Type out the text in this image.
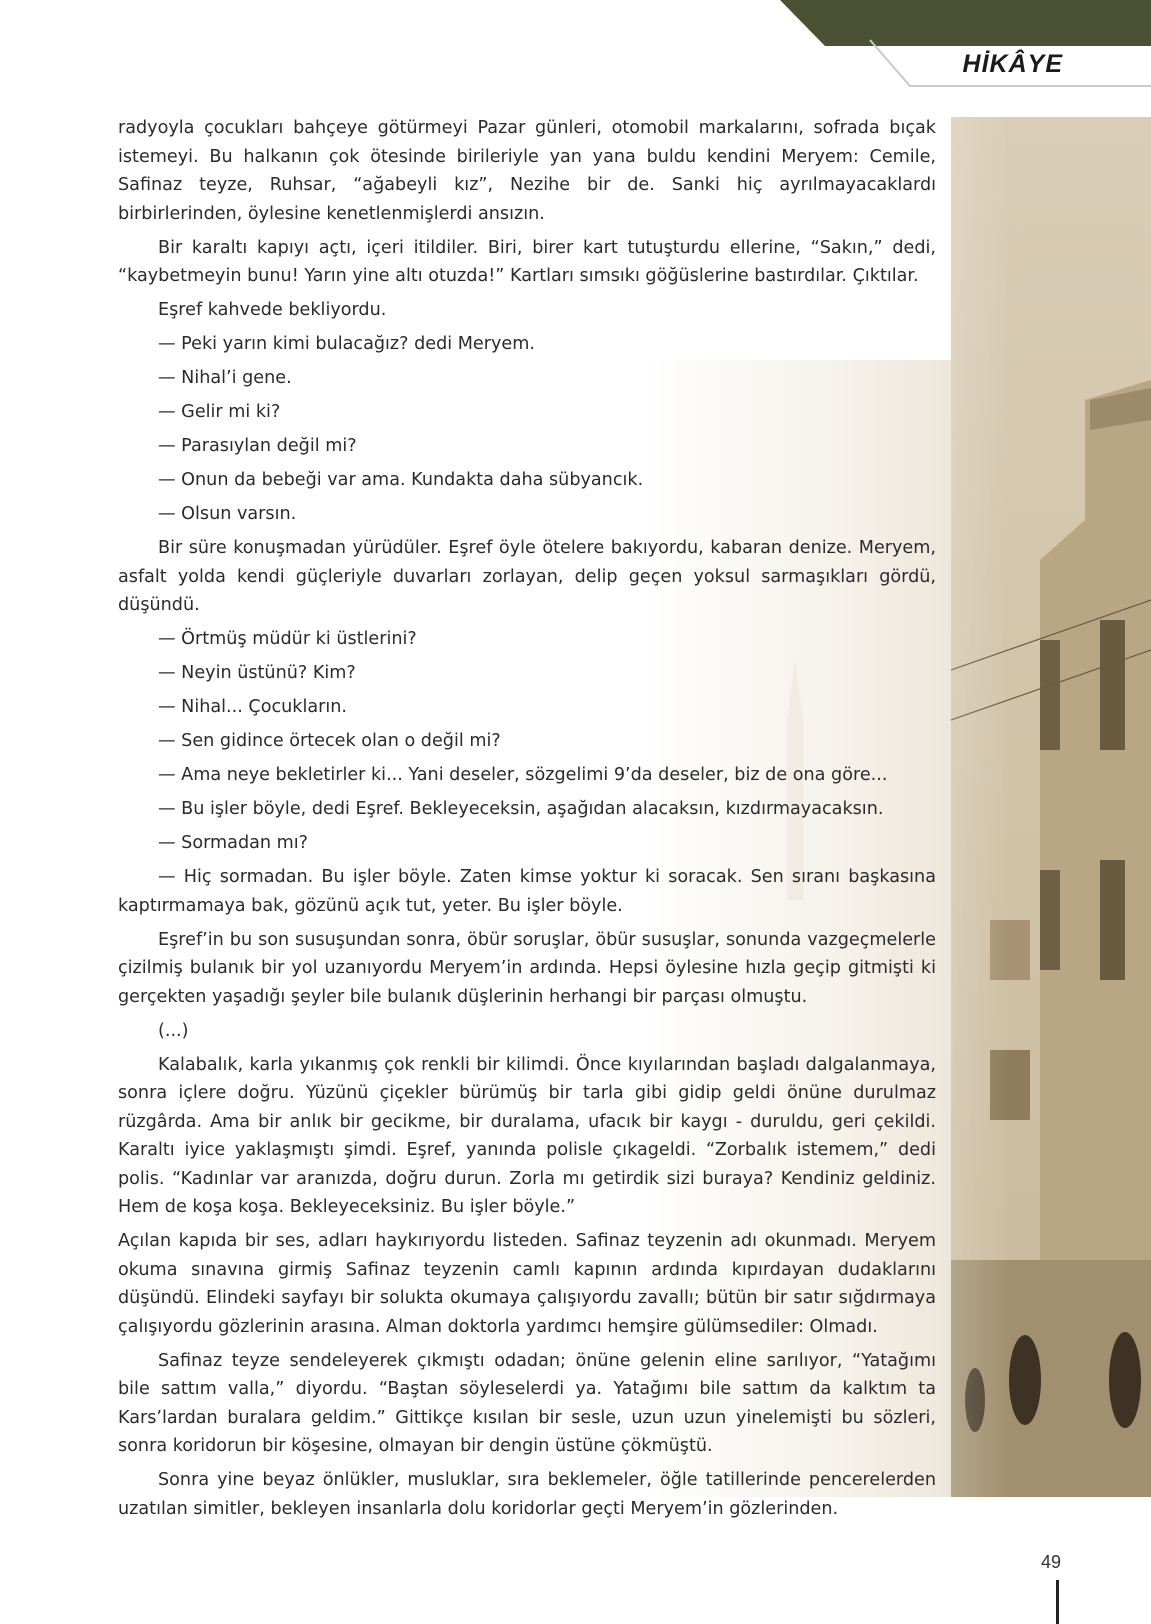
HİKÂYE

radyoyla çocukları bahçeye götürmeyi Pazar günleri, otomobil markalarını, sofrada bıçak istemeyi. Bu halkanın çok ötesinde birileriyle yan yana buldu kendini Meryem: Cemile, Safinaz teyze, Ruhsar, “ağabeyli kız”, Nezihe bir de. Sanki hiç ayrılmayacaklardı birbirlerinden, öylesine kenetlenmişlerdi ansızın.

Bir karaltı kapıyı açtı, içeri itildiler. Biri, birer kart tutuşturdu ellerine, “Sakın,” dedi, “kaybetmeyin bunu! Yarın yine altı otuzda!” Kartları sımsıkı göğüslerine bastırdılar. Çıktılar.

Eşref kahvede bekliyordu.

— Peki yarın kimi bulacağız? dedi Meryem.

— Nihal’i gene.

— Gelir mi ki?

— Parasıylan değil mi?

— Onun da bebeği var ama. Kundakta daha sübyancık.

— Olsun varsın.

Bir süre konuşmadan yürüdüler. Eşref öyle ötelere bakıyordu, kabaran denize. Meryem, asfalt yolda kendi güçleriyle duvarları zorlayan, delip geçen yoksul sarmaşıkları gördü, düşündü.

— Örtmüş müdür ki üstlerini?

— Neyin üstünü? Kim?

— Nihal... Çocukların.

— Sen gidince örtecek olan o değil mi?

— Ama neye bekletirler ki... Yani deseler, sözgelimi 9’da deseler, biz de ona göre...

— Bu işler böyle, dedi Eşref. Bekleyeceksin, aşağıdan alacaksın, kızdırmayacaksın.

— Sormadan mı?

— Hiç sormadan. Bu işler böyle. Zaten kimse yoktur ki soracak. Sen sıranı başkasına kaptırmamaya bak, gözünü açık tut, yeter. Bu işler böyle.

Eşref’in bu son susuşundan sonra, öbür soruşlar, öbür susuşlar, sonunda vazgeçmelerle çizilmiş bulanık bir yol uzanıyordu Meryem’in ardında. Hepsi öylesine hızla geçip gitmişti ki gerçekten yaşadığı şeyler bile bulanık düşlerinin herhangi bir parçası olmuştu.

(...)

Kalabalık, karla yıkanmış çok renkli bir kilimdi. Önce kıyılarından başladı dalgalanmaya, sonra içlere doğru. Yüzünü çiçekler bürümüş bir tarla gibi gidip geldi önüne durulmaz rüzgârda. Ama bir anlık bir gecikme, bir duralama, ufacık bir kaygı - duruldu, geri çekildi. Karaltı iyice yaklaşmıştı şimdi. Eşref, yanında polisle çıkageldi. “Zorbalık istemem,” dedi polis. “Kadınlar var aranızda, doğru durun. Zorla mı getirdik sizi buraya? Kendiniz geldiniz. Hem de koşa koşa. Bekleyeceksiniz. Bu işler böyle.”

Açılan kapıda bir ses, adları haykırıyordu listeden. Safinaz teyzenin adı okunmadı. Meryem okuma sınavına girmiş Safinaz teyzenin camlı kapının ardında kıpırdayan dudaklarını düşündü. Elindeki sayfayı bir solukta okumaya çalışıyordu zavallı; bütün bir satır sığdırmaya çalışıyordu gözlerinin arasına. Alman doktorla yardımcı hemşire gülümsediler: Olmadı.

Safinaz teyze sendeleyerek çıkmıştı odadan; önüne gelenin eline sarılıyor, “Yatağımı bile sattım valla,” diyordu. “Baştan söyleselerdi ya. Yatağımı bile sattım da kalktım ta Kars’lardan buralara geldim.” Gittikçe kısılan bir sesle, uzun uzun yinelemişti bu sözleri, sonra koridorun bir köşesine, olmayan bir dengin üstüne çökmüştü.

Sonra yine beyaz önlükler, musluklar, sıra beklemeler, öğle tatillerinde pencerelerden uzatılan simitler, bekleyen insanlarla dolu koridorlar geçti Meryem’in gözlerinden.

49
